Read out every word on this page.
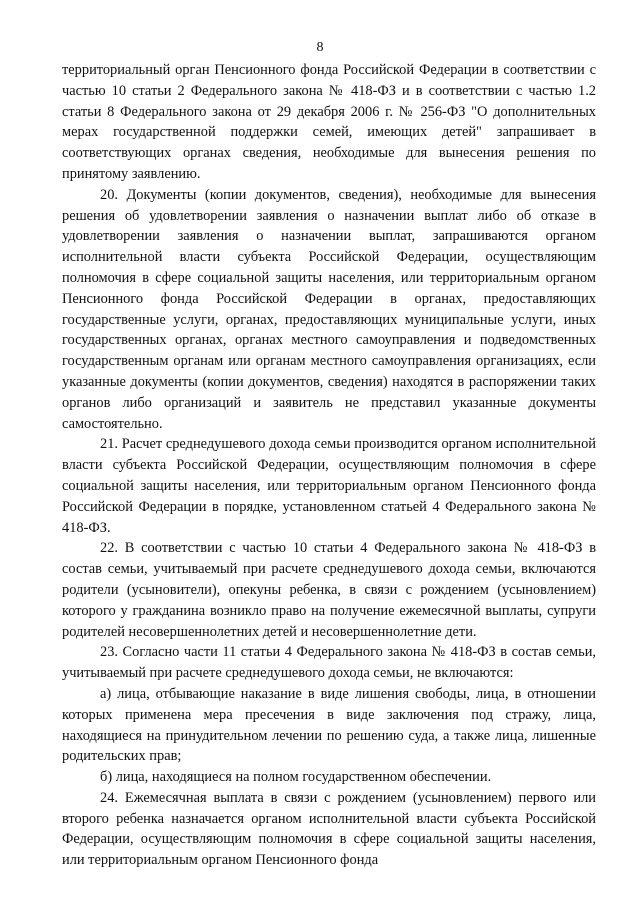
8

территориальный орган Пенсионного фонда Российской Федерации в соответствии с частью 10 статьи 2 Федерального закона № 418-ФЗ и в соответствии с частью 1.2 статьи 8 Федерального закона от 29 декабря 2006 г. № 256-ФЗ "О дополнительных мерах государственной поддержки семей, имеющих детей" запрашивает в соответствующих органах сведения, необходимые для вынесения решения по принятому заявлению.

20. Документы (копии документов, сведения), необходимые для вынесения решения об удовлетворении заявления о назначении выплат либо об отказе в удовлетворении заявления о назначении выплат, запрашиваются органом исполнительной власти субъекта Российской Федерации, осуществляющим полномочия в сфере социальной защиты населения, или территориальным органом Пенсионного фонда Российской Федерации в органах, предоставляющих государственные услуги, органах, предоставляющих муниципальные услуги, иных государственных органах, органах местного самоуправления и подведомственных государственным органам или органам местного самоуправления организациях, если указанные документы (копии документов, сведения) находятся в распоряжении таких органов либо организаций и заявитель не представил указанные документы самостоятельно.

21. Расчет среднедушевого дохода семьи производится органом исполнительной власти субъекта Российской Федерации, осуществляющим полномочия в сфере социальной защиты населения, или территориальным органом Пенсионного фонда Российской Федерации в порядке, установленном статьей 4 Федерального закона № 418-ФЗ.

22. В соответствии с частью 10 статьи 4 Федерального закона № 418-ФЗ в состав семьи, учитываемый при расчете среднедушевого дохода семьи, включаются родители (усыновители), опекуны ребенка, в связи с рождением (усыновлением) которого у гражданина возникло право на получение ежемесячной выплаты, супруги родителей несовершеннолетних детей и несовершеннолетние дети.

23. Согласно части 11 статьи 4 Федерального закона № 418-ФЗ в состав семьи, учитываемый при расчете среднедушевого дохода семьи, не включаются:

а) лица, отбывающие наказание в виде лишения свободы, лица, в отношении которых применена мера пресечения в виде заключения под стражу, лица, находящиеся на принудительном лечении по решению суда, а также лица, лишенные родительских прав;

б) лица, находящиеся на полном государственном обеспечении.

24. Ежемесячная выплата в связи с рождением (усыновлением) первого или второго ребенка назначается органом исполнительной власти субъекта Российской Федерации, осуществляющим полномочия в сфере социальной защиты населения, или территориальным органом Пенсионного фонда
